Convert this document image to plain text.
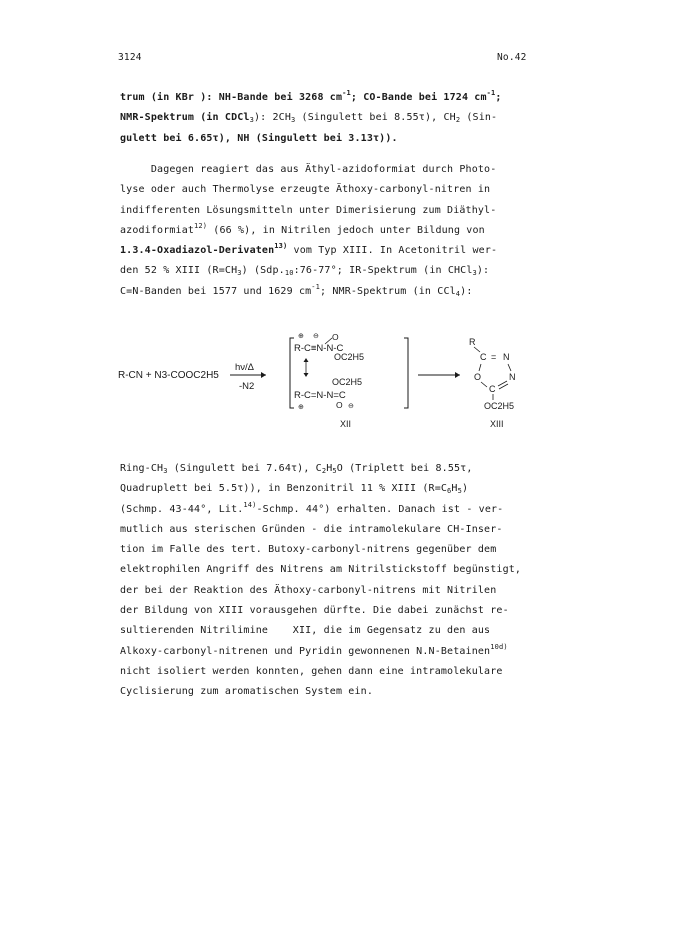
3124	No.42
trum (in KBr ): NH-Bande bei 3268 $cm^{-1}$; CO-Bande bei 1724 $cm^{-1}$;
NMR-Spektrum (in CDCl$_3$): $2CH_3$ (Singulett bei 8.55τ), $CH_2$ (Sin-
gulett bei 6.65τ), NH (Singulett bei 3.13τ)).
Dagegen reagiert das aus Äthyl-azidoformiat durch Photo-
lyse oder auch Thermolyse erzeugte Äthoxy-carbonyl-nitren in
indifferenten Lösungsmitteln unter Dimerisierung zum Diäthyl-
azodiformiat$^{12)}$ (66 %), in Nitrilen jedoch unter Bildung von
1.3.4-Oxadiazol-Derivaten$^{13)}$ vom Typ XIII. In Acetonitril wer-
den 52 % XIII $(R=CH_3)$ ($Sdp._{10}:76-77^\circ$; IR-Spektrum (in CHCl$_3$):
C=N-Banden bei 1577 und 1629 $cm^{-1}$; NMR-Spektrum (in CCl$_4$):
R-CN + N3-COOC2H5
hν/Δ
-N2
⊕ ⊖ O
R-C≡N-N-C
OC2H5
OC2H5
R-C=N-N=C
O ⊖
⊕
XII
R
C = N
O
C
N
OC2H5
XIII
Ring-$CH_3$ (Singulett bei 7.64τ), $C_2H_5O$ (Triplett bei 8.55τ,
Quadruplett bei 5.5τ)), in Benzonitril 11 % XIII $(R=C_6H_5)$
(Schmp. 43-44°, Lit.$^{14)}$-Schmp. 44°) erhalten. Danach ist - ver-
mutlich aus sterischen Gründen - die intramolekulare CH-Inser-
tion im Falle des tert. Butoxy-carbonyl-nitrens gegenüber dem
elektrophilen Angriff des Nitrens am Nitrilstickstoff begünstigt,
der bei der Reaktion des Äthoxy-carbonyl-nitrens mit Nitrilen
der Bildung von XIII vorausgehen dürfte. Die dabei zunächst re-
sultierenden Nitrilimine    XII, die im Gegensatz zu den aus
Alkoxy-carbonyl-nitrenen und Pyridin gewonnenen N.N-Betainen$^{10d)}$
nicht isoliert werden konnten, gehen dann eine intramolekulare
Cyclisierung zum aromatischen System ein.
